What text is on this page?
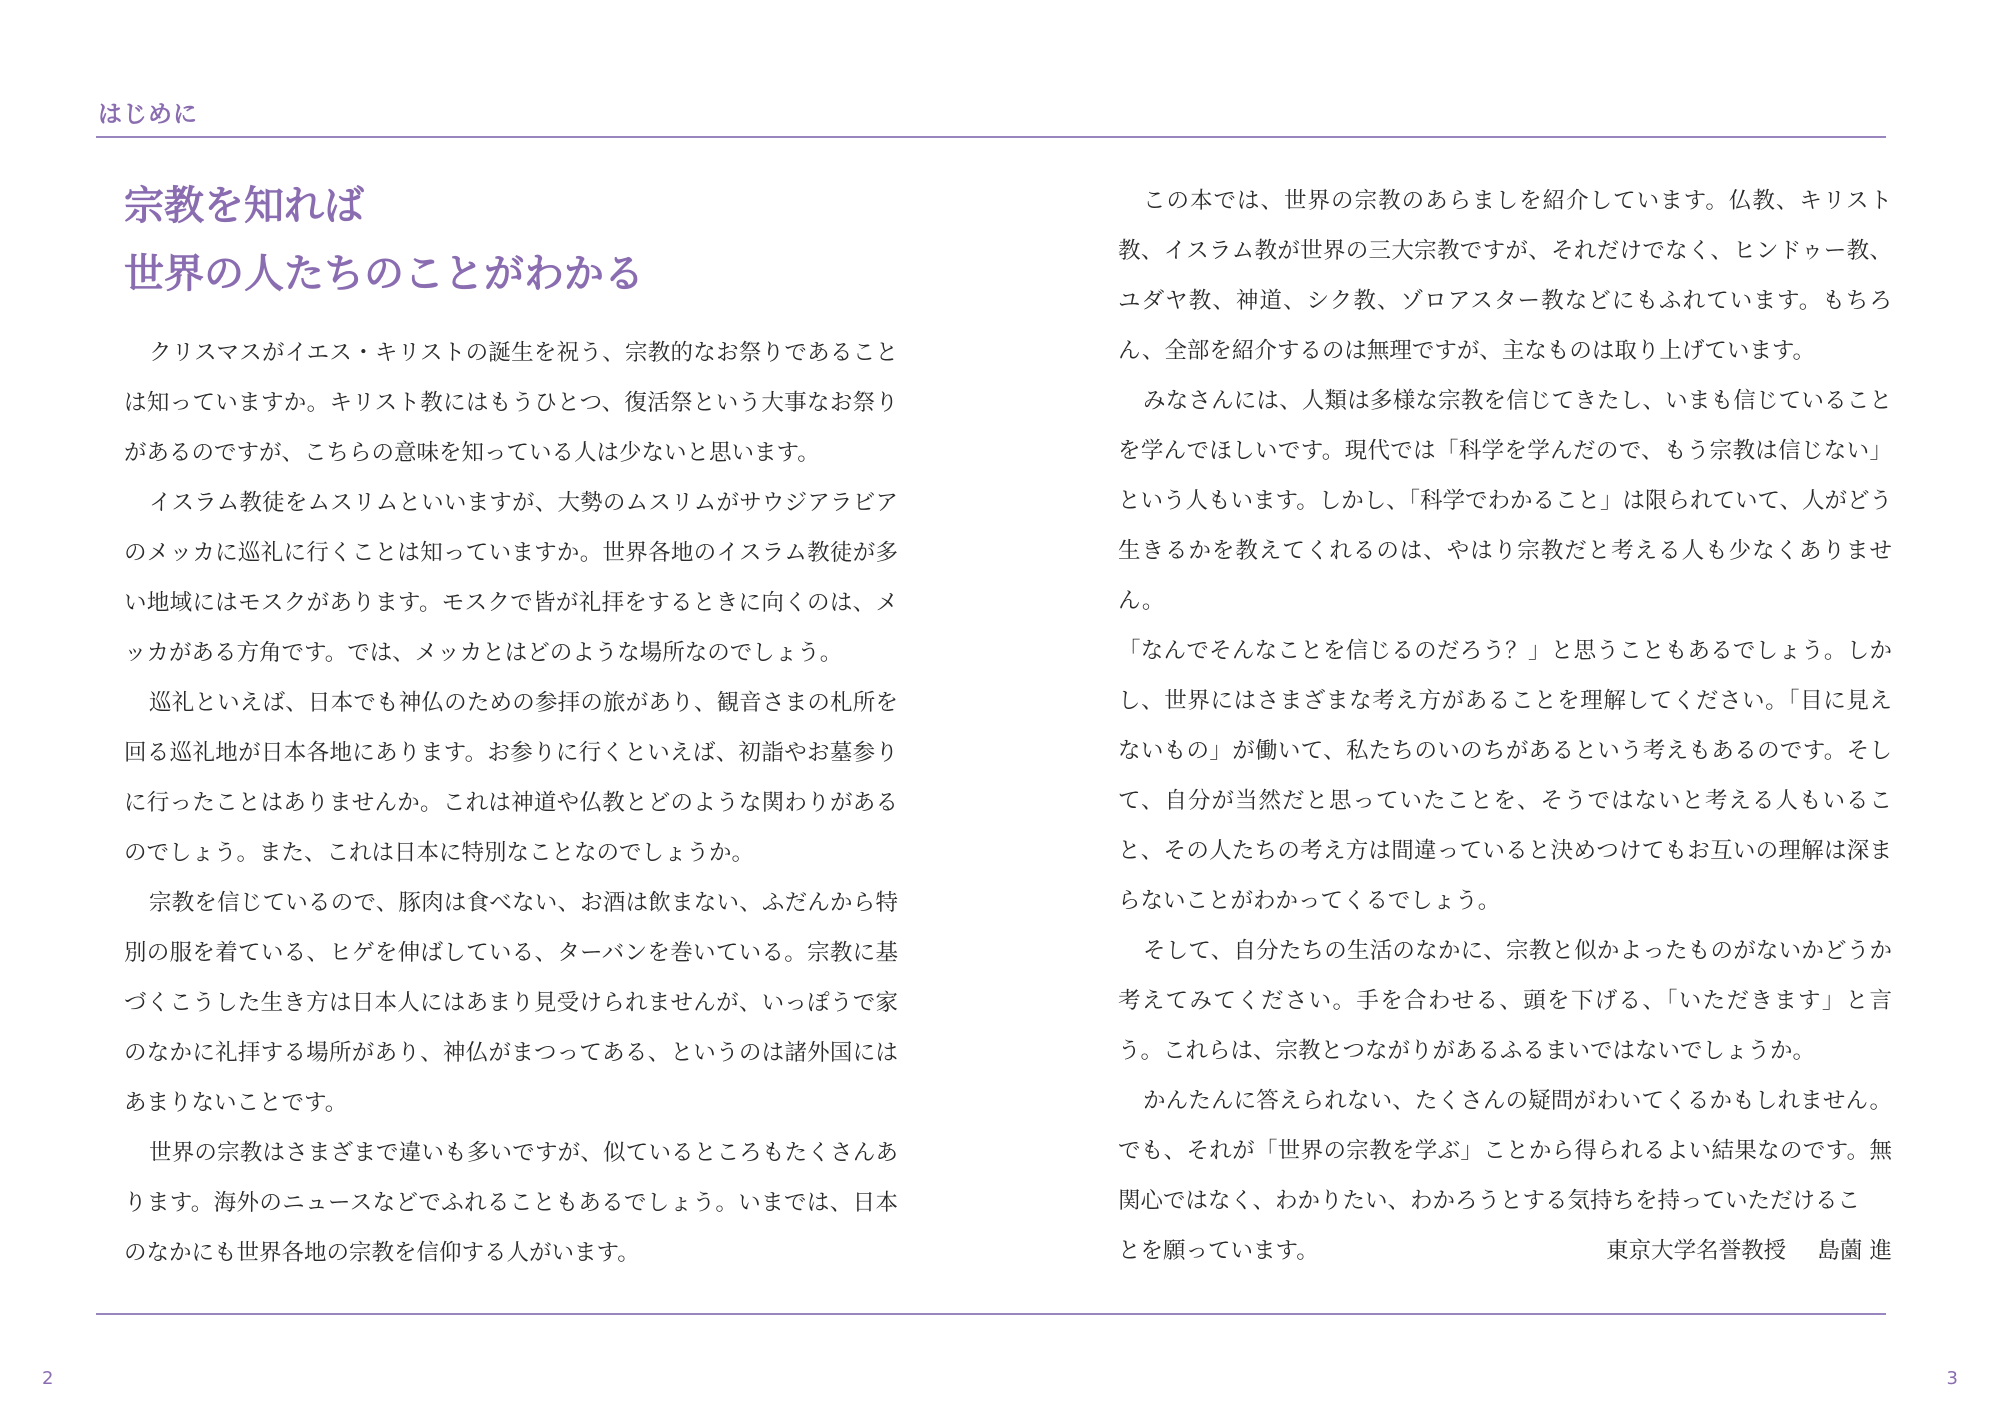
はじめに
宗教を知れば
世界の人たちのことがわかる

クリスマスがイエス・キリストの誕生を祝う、宗教的なお祭りであることは知っていますか。キリスト教にはもうひとつ、復活祭という大事なお祭りがあるのですが、こちらの意味を知っている人は少ないと思います。

イスラム教徒をムスリムといいますが、大勢のムスリムがサウジアラビアのメッカに巡礼に行くことは知っていますか。世界各地のイスラム教徒が多い地域にはモスクがあります。モスクで皆が礼拝をするときに向くのは、メッカがある方角です。では、メッカとはどのような場所なのでしょう。

巡礼といえば、日本でも神仏のための参拝の旅があり、観音さまの札所を回る巡礼地が日本各地にあります。お参りに行くといえば、初詣やお墓参りに行ったことはありませんか。これは神道や仏教とどのような関わりがあるのでしょう。また、これは日本に特別なことなのでしょうか。

宗教を信じているので、豚肉は食べない、お酒は飲まない、ふだんから特別の服を着ている、ヒゲを伸ばしている、ターバンを巻いている。宗教に基づくこうした生き方は日本人にはあまり見受けられませんが、いっぽうで家のなかに礼拝する場所があり、神仏がまつってある、というのは諸外国にはあまりないことです。

世界の宗教はさまざまで違いも多いですが、似ているところもたくさんあります。海外のニュースなどでふれることもあるでしょう。いまでは、日本のなかにも世界各地の宗教を信仰する人がいます。

この本では、世界の宗教のあらましを紹介しています。仏教、キリスト教、イスラム教が世界の三大宗教ですが、それだけでなく、ヒンドゥー教、ユダヤ教、神道、シク教、ゾロアスター教などにもふれています。もちろん、全部を紹介するのは無理ですが、主なものは取り上げています。

みなさんには、人類は多様な宗教を信じてきたし、いまも信じていることを学んでほしいです。現代では「科学を学んだので、もう宗教は信じない」という人もいます。しかし、「科学でわかること」は限られていて、人がどう生きるかを教えてくれるのは、やはり宗教だと考える人も少なくありません。

「なんでそんなことを信じるのだろう？」と思うこともあるでしょう。しかし、世界にはさまざまな考え方があることを理解してください。「目に見えないもの」が働いて、私たちのいのちがあるという考えもあるのです。そして、自分が当然だと思っていたことを、そうではないと考える人もいること、その人たちの考え方は間違っていると決めつけてもお互いの理解は深まらないことがわかってくるでしょう。

そして、自分たちの生活のなかに、宗教と似かよったものがないかどうか考えてみてください。手を合わせる、頭を下げる、「いただきます」と言う。これらは、宗教とつながりがあるふるまいではないでしょうか。

かんたんに答えられない、たくさんの疑問がわいてくるかもしれません。でも、それが「世界の宗教を学ぶ」ことから得られるよい結果なのです。無関心ではなく、わかりたい、わかろうとする気持ちを持っていただけるこ

とを願っています。	東京大学名誉教授 島薗 進
2	3
